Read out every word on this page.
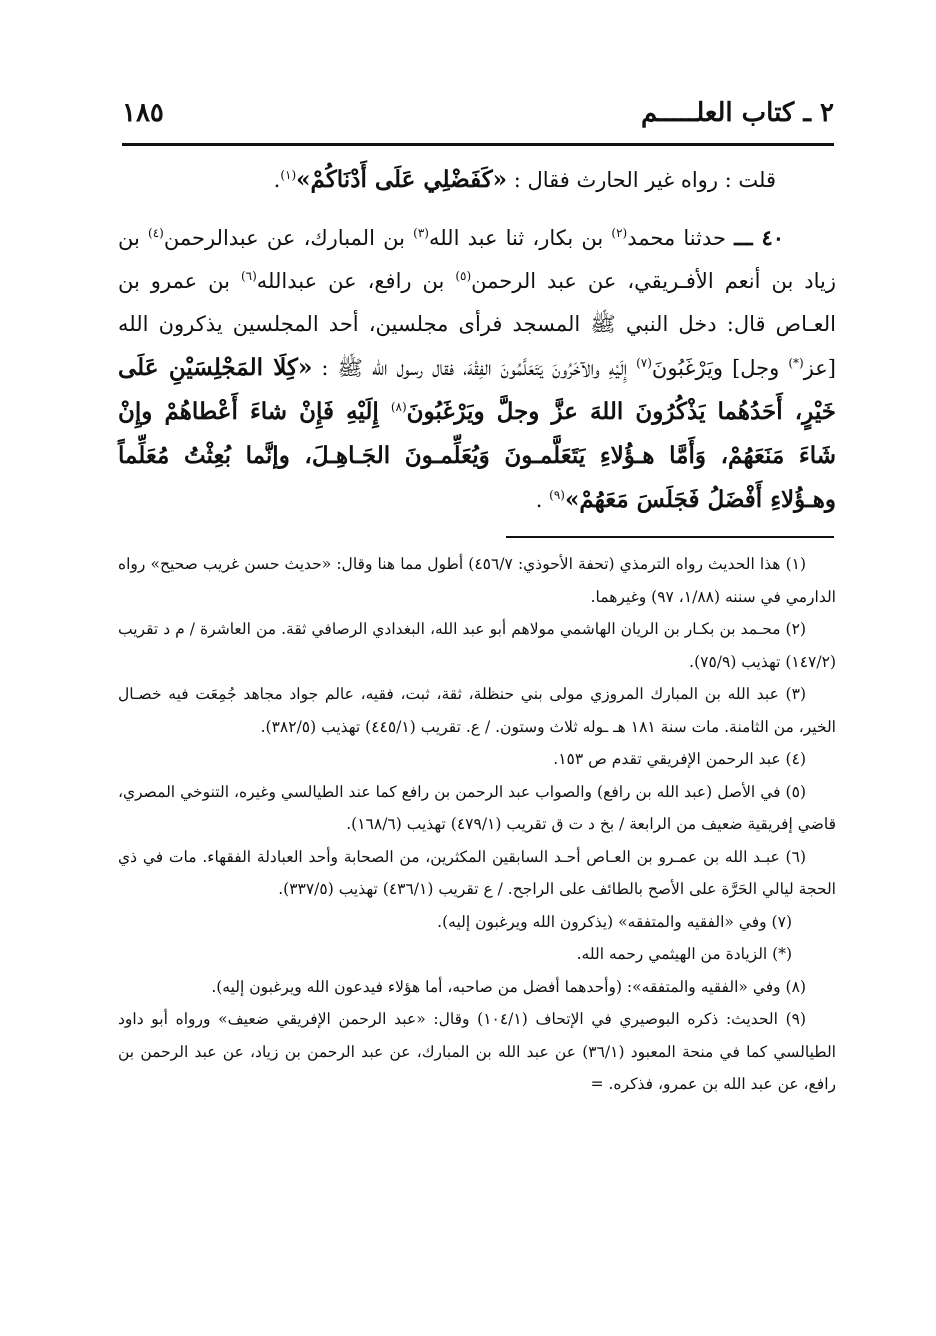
٢ ـ كتاب العلـــــم
١٨٥

قلت : رواه غير الحارث فقال : «كَفَضْلِي عَلَى أَدْنَاكُمْ»$^{(١)}$.

٤٠ ـــ حدثنا محمد$^{(٢)}$ بن بكار، ثنا عبد الله$^{(٣)}$ بن المبارك، عن عبدالرحمن$^{(٤)}$ بن زياد بن أنعم الأفـريقي، عن عبد الرحمن$^{(٥)}$ بن رافع، عن عبدالله$^{(٦)}$ بن عمرو بن العـاص قال: دخل النبي ﷺ المسجد فرأى مجلسين، أحد المجلسين يذكرون الله [عز(*) وجل] ويَرْغَبُونَ$^{(٧)}$ إِلَيْهِ والآخَرُونَ يَتَعَلَّمُونَ الفِقْهَ، فقال رسول الله ﷺ : «كِلَا المَجْلِسَيْنِ عَلَى خَيْرٍ، أَحَدُهُما يَذْكُرُونَ اللهَ عزَّ وجلَّ ويَرْغَبُونَ$^{(٨)}$ إِلَيْهِ فَإِنْ شاءَ أَعْطاهُمْ وإِنْ شَاءَ مَنَعَهُمْ، وَأَمَّا هـؤُلاءِ يَتَعَلَّمـونَ وَيُعَلِّمـونَ الجَـاهِـلَ، وإنَّما بُعِثْتُ مُعَلِّماً وهـؤُلاءِ أَفْضَلُ فَجَلَسَ مَعَهُمْ»$^{(٩)}$ .

(١) هذا الحديث رواه الترمذي (تحفة الأحوذي: ٤٥٦/٧) أطول مما هنا وقال: «حديث حسن غريب صحيح» رواه الدارمي في سننه (١/٨٨، ٩٧) وغيرهما.

(٢) محـمد بن بكـار بن الريان الهاشمي مولاهم أبو عبد الله، البغدادي الرصافي ثقة. من العاشرة / م د تقريب (١٤٧/٢) تهذيب (٧٥/٩).

(٣) عبد الله بن المبارك المروزي مولى بني حنظلة، ثقة، ثبت، فقيه، عالم جواد مجاهد جُمِعَت فيه خصـال الخير، من الثامنة. مات سنة ١٨١ هـ ـوله ثلاث وستون. / ع. تقريب (٤٤٥/١) تهذيب (٣٨٢/٥).

(٤) عبد الرحمن الإفريقي تقدم ص ١٥٣.

(٥) في الأصل (عبد الله بن رافع) والصواب عبد الرحمن بن رافع كما عند الطيالسي وغيره، التنوخي المصري، قاضي إفريقية ضعيف من الرابعة / بخ د ت ق تقريب (٤٧٩/١) تهذيب (١٦٨/٦).

(٦) عبـد الله بن عمـرو بن العـاص أحـد السابقين المكثرين، من الصحابة وأحد العبادلة الفقهاء. مات في ذي الحجة ليالي الحَرَّة على الأصح بالطائف على الراجح. / ع تقريب (٤٣٦/١) تهذيب (٣٣٧/٥).

(٧) وفي «الفقيه والمتفقه» (يذكرون الله ويرغبون إليه).

(*) الزيادة من الهيثمي رحمه الله.

(٨) وفي «الفقيه والمتفقه»: (وأحدهما أفضل من صاحبه، أما هؤلاء فيدعون الله ويرغبون إليه).

(٩) الحديث: ذكره البوصيري في الإتحاف (١٠٤/١) وقال: «عبد الرحمن الإفريقي ضعيف» ورواه أبو داود الطيالسي كما في منحة المعبود (٣٦/١) عن عبد الله بن المبارك، عن عبد الرحمن بن زياد، عن عبد الرحمن بن رافع، عن عبد الله بن عمرو، فذكره. =
